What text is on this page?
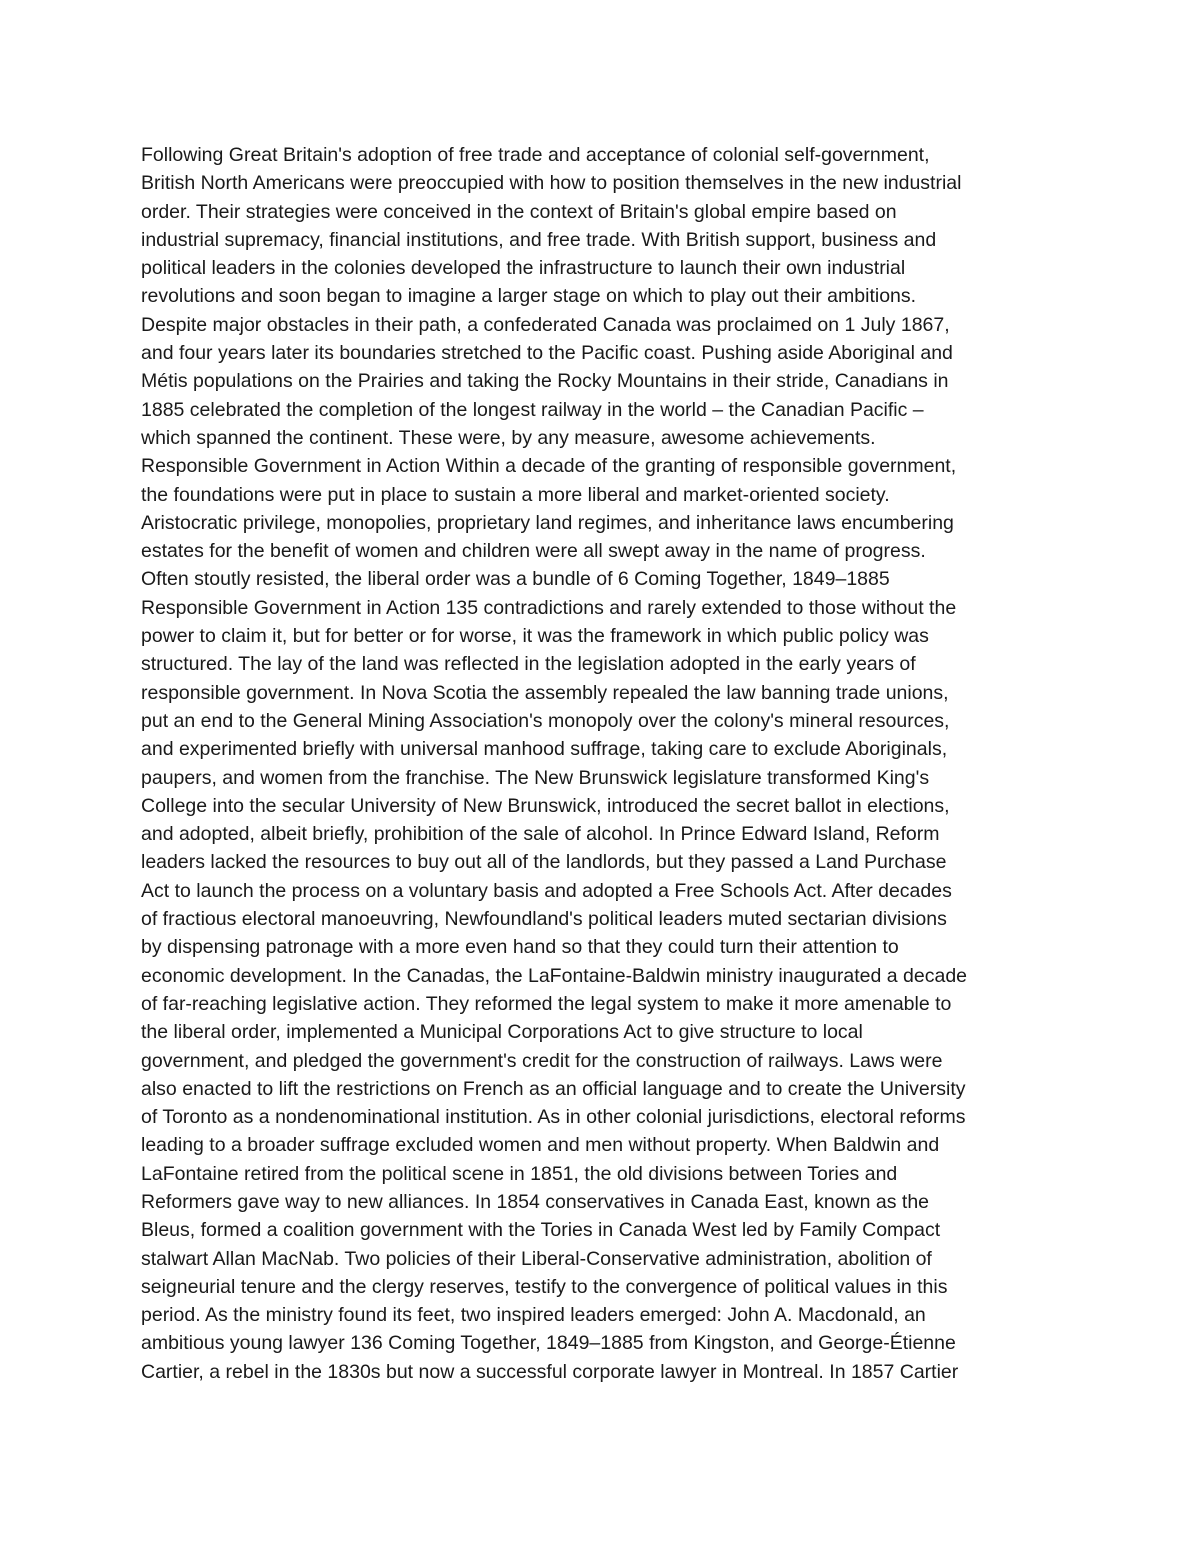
Following Great Britain's adoption of free trade and acceptance of colonial self-government,
British North Americans were preoccupied with how to position themselves in the new industrial
order. Their strategies were conceived in the context of Britain's global empire based on
industrial supremacy, financial institutions, and free trade. With British support, business and
political leaders in the colonies developed the infrastructure to launch their own industrial
revolutions and soon began to imagine a larger stage on which to play out their ambitions.
Despite major obstacles in their path, a confederated Canada was proclaimed on 1 July 1867,
and four years later its boundaries stretched to the Pacific coast. Pushing aside Aboriginal and
Métis populations on the Prairies and taking the Rocky Mountains in their stride, Canadians in
1885 celebrated the completion of the longest railway in the world – the Canadian Pacific –
which spanned the continent. These were, by any measure, awesome achievements.
Responsible Government in Action Within a decade of the granting of responsible government,
the foundations were put in place to sustain a more liberal and market-oriented society.
Aristocratic privilege, monopolies, proprietary land regimes, and inheritance laws encumbering
estates for the benefit of women and children were all swept away in the name of progress.
Often stoutly resisted, the liberal order was a bundle of 6 Coming Together, 1849–1885
Responsible Government in Action 135 contradictions and rarely extended to those without the
power to claim it, but for better or for worse, it was the framework in which public policy was
structured. The lay of the land was reflected in the legislation adopted in the early years of
responsible government. In Nova Scotia the assembly repealed the law banning trade unions,
put an end to the General Mining Association's monopoly over the colony's mineral resources,
and experimented briefly with universal manhood suffrage, taking care to exclude Aboriginals,
paupers, and women from the franchise. The New Brunswick legislature transformed King's
College into the secular University of New Brunswick, introduced the secret ballot in elections,
and adopted, albeit briefly, prohibition of the sale of alcohol. In Prince Edward Island, Reform
leaders lacked the resources to buy out all of the landlords, but they passed a Land Purchase
Act to launch the process on a voluntary basis and adopted a Free Schools Act. After decades
of fractious electoral manoeuvring, Newfoundland's political leaders muted sectarian divisions
by dispensing patronage with a more even hand so that they could turn their attention to
economic development. In the Canadas, the LaFontaine-Baldwin ministry inaugurated a decade
of far-reaching legislative action. They reformed the legal system to make it more amenable to
the liberal order, implemented a Municipal Corporations Act to give structure to local
government, and pledged the government's credit for the construction of railways. Laws were
also enacted to lift the restrictions on French as an official language and to create the University
of Toronto as a nondenominational institution. As in other colonial jurisdictions, electoral reforms
leading to a broader suffrage excluded women and men without property. When Baldwin and
LaFontaine retired from the political scene in 1851, the old divisions between Tories and
Reformers gave way to new alliances. In 1854 conservatives in Canada East, known as the
Bleus, formed a coalition government with the Tories in Canada West led by Family Compact
stalwart Allan MacNab. Two policies of their Liberal-Conservative administration, abolition of
seigneurial tenure and the clergy reserves, testify to the convergence of political values in this
period. As the ministry found its feet, two inspired leaders emerged: John A. Macdonald, an
ambitious young lawyer 136 Coming Together, 1849–1885 from Kingston, and George-Étienne
Cartier, a rebel in the 1830s but now a successful corporate lawyer in Montreal. In 1857 Cartier
